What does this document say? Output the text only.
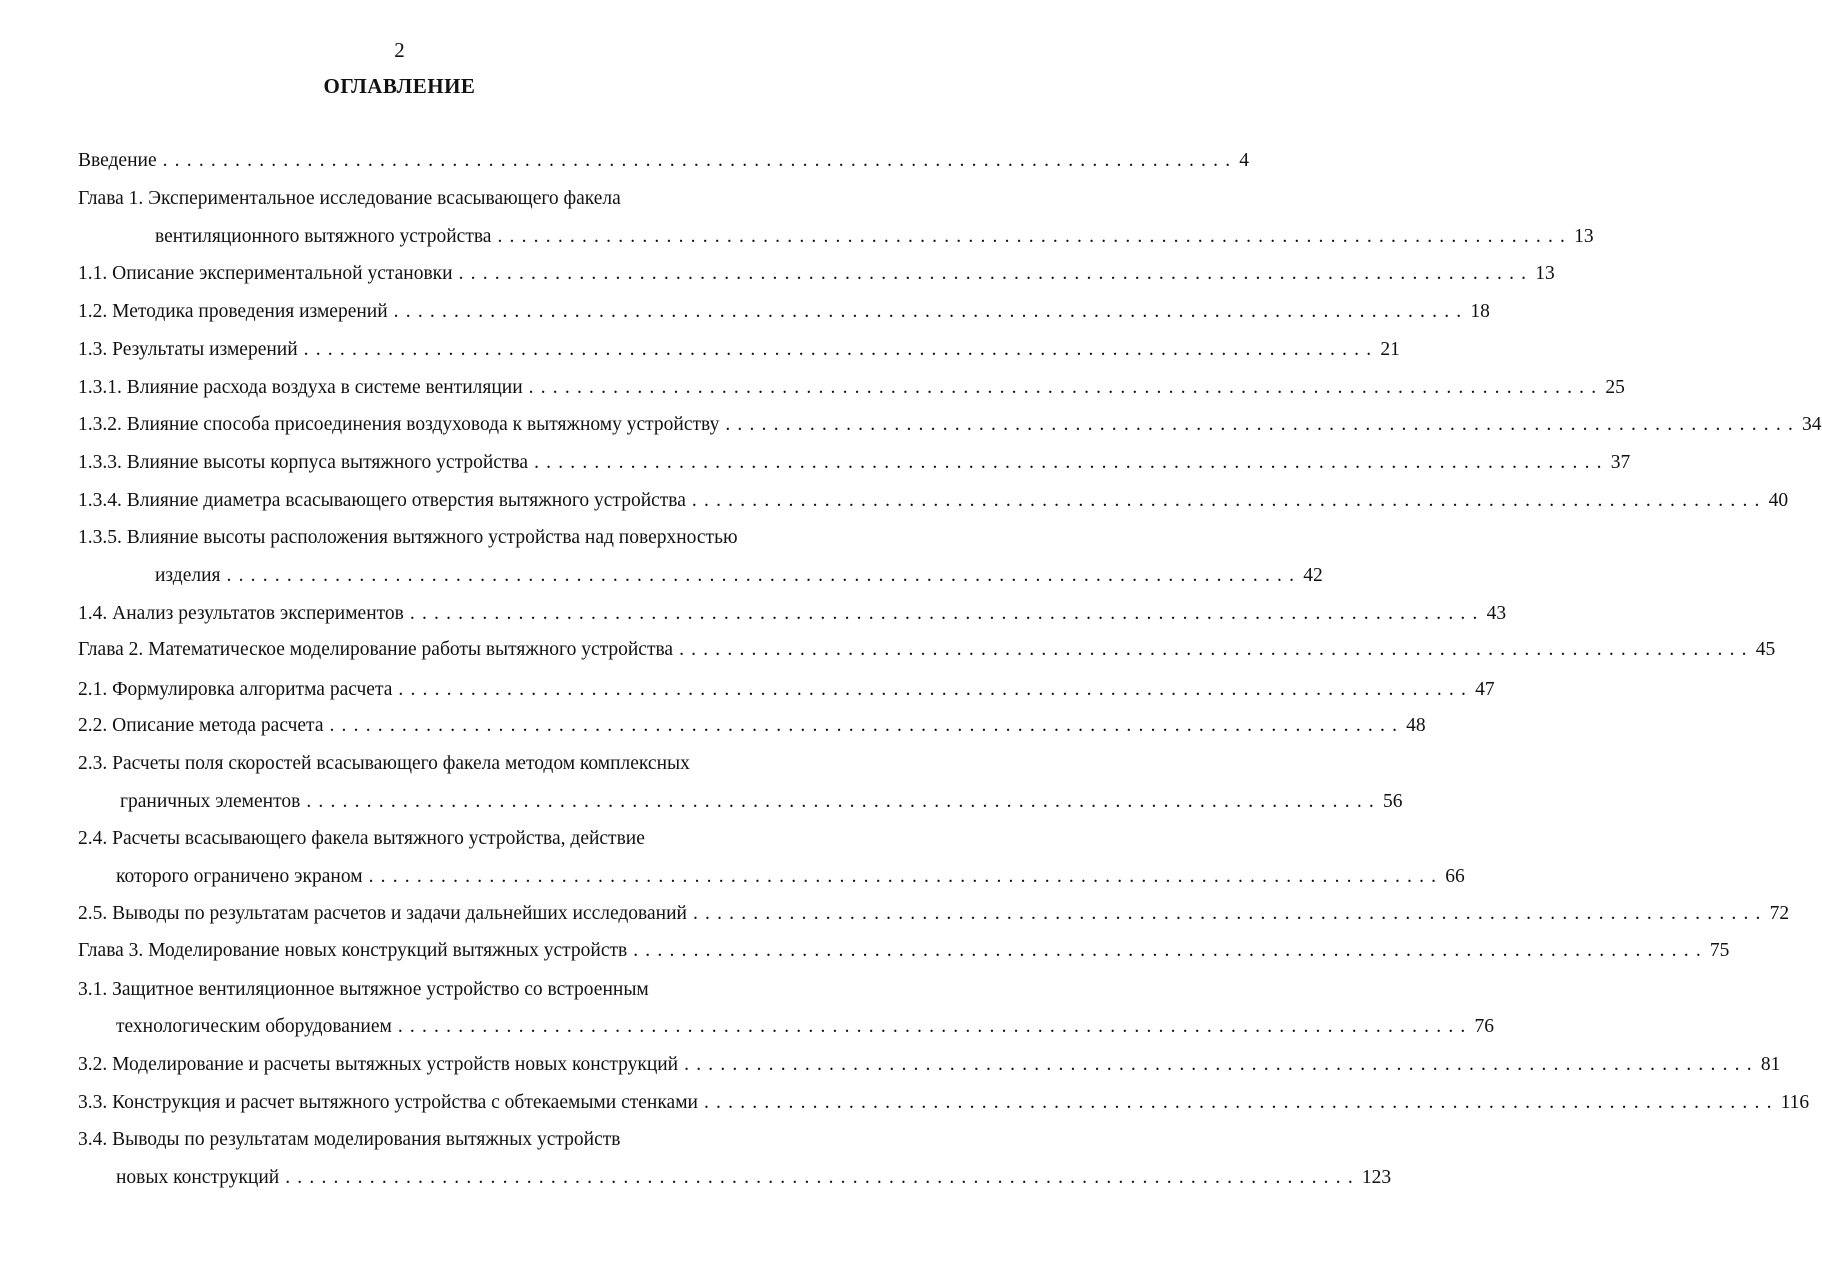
2
ОГЛАВЛЕНИЕ
Введение ......................................................................................... 4
Глава 1. Экспериментальное исследование всасывающего факела
вентиляционного вытяжного устройства ......................................................................................... 13
1.1. Описание экспериментальной установки ......................................................................................... 13
1.2. Методика проведения измерений ......................................................................................... 18
1.3. Результаты измерений ......................................................................................... 21
1.3.1. Влияние расхода воздуха в системе вентиляции ......................................................................................... 25
1.3.2. Влияние способа присоединения воздуховода к вытяжному устройству ......................................................................................... 34
1.3.3. Влияние высоты корпуса вытяжного устройства ......................................................................................... 37
1.3.4. Влияние диаметра всасывающего отверстия вытяжного устройства ......................................................................................... 40
1.3.5. Влияние высоты расположения вытяжного устройства над поверхностью
изделия ......................................................................................... 42
1.4. Анализ результатов экспериментов ......................................................................................... 43
Глава 2. Математическое моделирование работы вытяжного устройства ......................................................................................... 45
2.1. Формулировка алгоритма расчета ......................................................................................... 47
2.2. Описание метода расчета ......................................................................................... 48
2.3. Расчеты поля скоростей всасывающего факела методом комплексных
граничных элементов ......................................................................................... 56
2.4. Расчеты всасывающего факела вытяжного устройства, действие
которого ограничено экраном ......................................................................................... 66
2.5. Выводы по результатам расчетов и задачи дальнейших исследований ......................................................................................... 72
Глава 3. Моделирование новых конструкций вытяжных устройств ......................................................................................... 75
3.1. Защитное вентиляционное вытяжное устройство со встроенным
технологическим оборудованием ......................................................................................... 76
3.2. Моделирование и расчеты вытяжных устройств новых конструкций ......................................................................................... 81
3.3. Конструкция и расчет вытяжного устройства с обтекаемыми стенками ......................................................................................... 116
3.4. Выводы по результатам моделирования вытяжных устройств
новых конструкций ......................................................................................... 123
